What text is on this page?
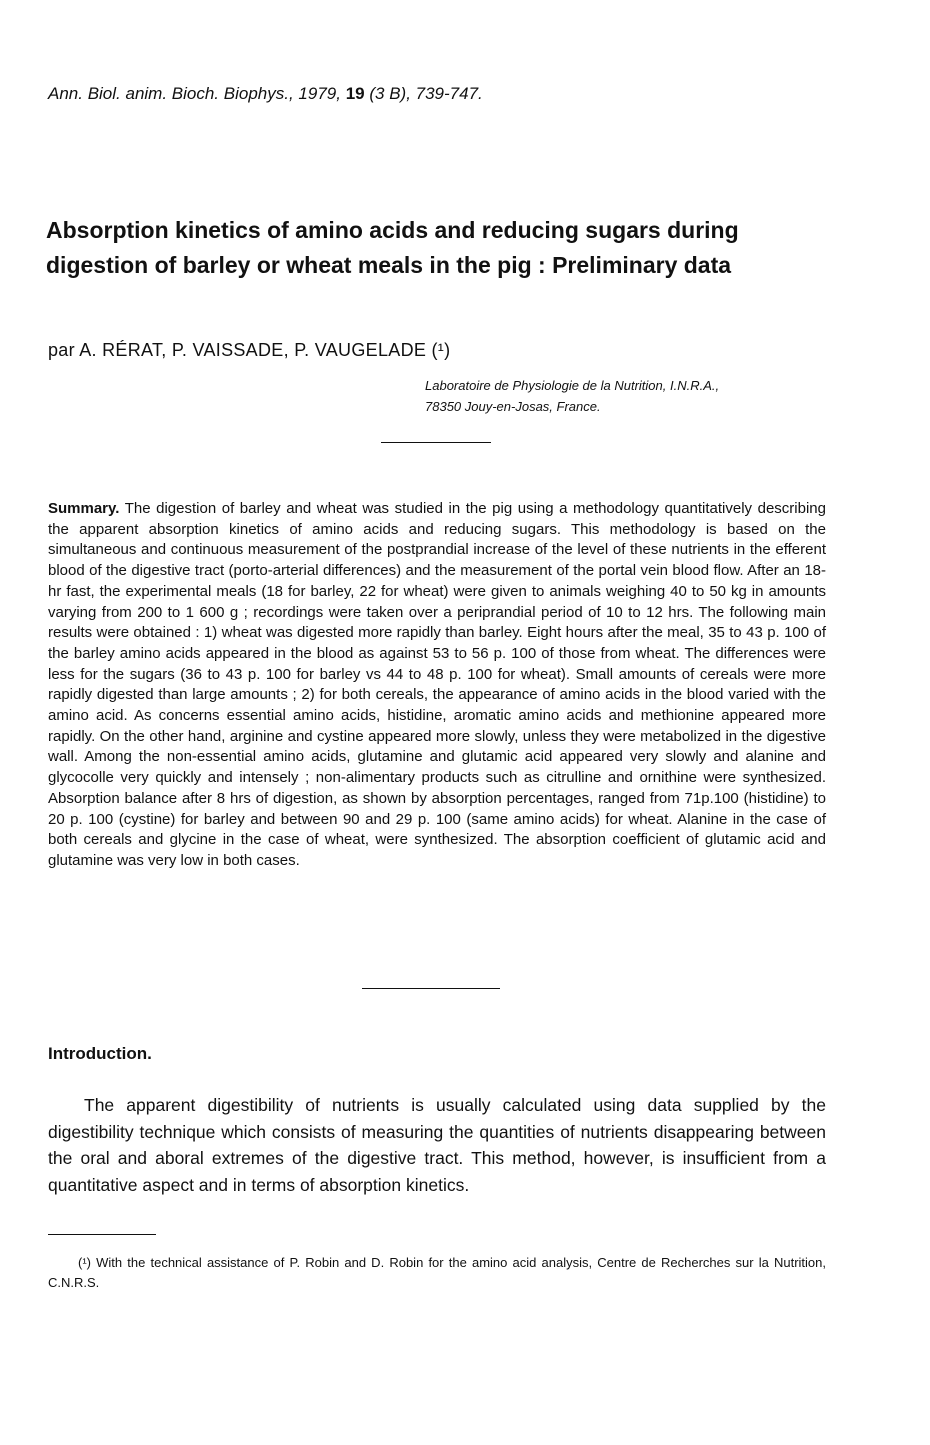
Ann. Biol. anim. Bioch. Biophys., 1979, 19 (3 B), 739-747.
Absorption kinetics of amino acids and reducing sugars during digestion of barley or wheat meals in the pig : Preliminary data
par A. RÉRAT, P. VAISSADE, P. VAUGELADE (¹)
Laboratoire de Physiologie de la Nutrition, I.N.R.A.,
78350 Jouy-en-Josas, France.
Summary. The digestion of barley and wheat was studied in the pig using a methodology quantitatively describing the apparent absorption kinetics of amino acids and reducing sugars. This methodology is based on the simultaneous and continuous measurement of the postprandial increase of the level of these nutrients in the efferent blood of the digestive tract (porto-arterial differences) and the measurement of the portal vein blood flow. After an 18-hr fast, the experimental meals (18 for barley, 22 for wheat) were given to animals weighing 40 to 50 kg in amounts varying from 200 to 1 600 g ; recordings were taken over a periprandial period of 10 to 12 hrs. The following main results were obtained : 1) wheat was digested more rapidly than barley. Eight hours after the meal, 35 to 43 p. 100 of the barley amino acids appeared in the blood as against 53 to 56 p. 100 of those from wheat. The differences were less for the sugars (36 to 43 p. 100 for barley vs 44 to 48 p. 100 for wheat). Small amounts of cereals were more rapidly digested than large amounts ; 2) for both cereals, the appearance of amino acids in the blood varied with the amino acid. As concerns essential amino acids, histidine, aromatic amino acids and methionine appeared more rapidly. On the other hand, arginine and cystine appeared more slowly, unless they were metabolized in the digestive wall. Among the non-essential amino acids, glutamine and glutamic acid appeared very slowly and alanine and glycocolle very quickly and intensely ; non-alimentary products such as citrulline and ornithine were synthesized. Absorption balance after 8 hrs of digestion, as shown by absorption percentages, ranged from 71p.100 (histidine) to 20 p. 100 (cystine) for barley and between 90 and 29 p. 100 (same amino acids) for wheat. Alanine in the case of both cereals and glycine in the case of wheat, were synthesized. The absorption coefficient of glutamic acid and glutamine was very low in both cases.
Introduction.
The apparent digestibility of nutrients is usually calculated using data supplied by the digestibility technique which consists of measuring the quantities of nutrients disappearing between the oral and aboral extremes of the digestive tract. This method, however, is insufficient from a quantitative aspect and in terms of absorption kinetics.
(¹) With the technical assistance of P. Robin and D. Robin for the amino acid analysis, Centre de Recherches sur la Nutrition, C.N.R.S.
